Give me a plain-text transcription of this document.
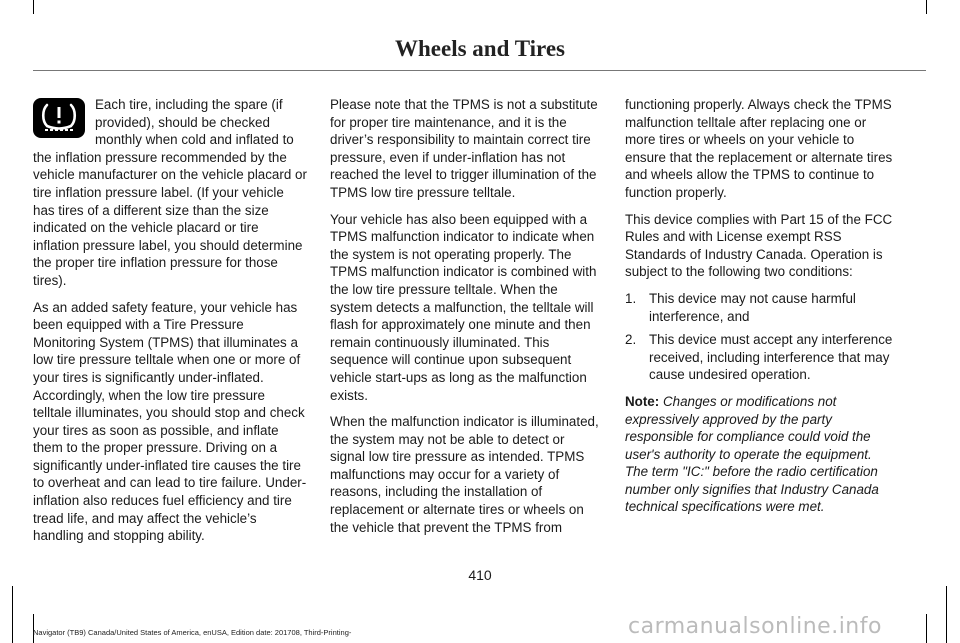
Wheels and Tires

Each tire, including the spare (if provided), should be checked monthly when cold and inflated to the inflation pressure recommended by the vehicle manufacturer on the vehicle placard or tire inflation pressure label. (If your vehicle has tires of a different size than the size indicated on the vehicle placard or tire inflation pressure label, you should determine the proper tire inflation pressure for those tires).

As an added safety feature, your vehicle has been equipped with a Tire Pressure Monitoring System (TPMS) that illuminates a low tire pressure telltale when one or more of your tires is significantly under-inflated. Accordingly, when the low tire pressure telltale illuminates, you should stop and check your tires as soon as possible, and inflate them to the proper pressure. Driving on a significantly under-inflated tire causes the tire to overheat and can lead to tire failure. Under-inflation also reduces fuel efficiency and tire tread life, and may affect the vehicle’s handling and stopping ability.

Please note that the TPMS is not a substitute for proper tire maintenance, and it is the driver’s responsibility to maintain correct tire pressure, even if under-inflation has not reached the level to trigger illumination of the TPMS low tire pressure telltale.

Your vehicle has also been equipped with a TPMS malfunction indicator to indicate when the system is not operating properly. The TPMS malfunction indicator is combined with the low tire pressure telltale. When the system detects a malfunction, the telltale will flash for approximately one minute and then remain continuously illuminated. This sequence will continue upon subsequent vehicle start-ups as long as the malfunction exists.

When the malfunction indicator is illuminated, the system may not be able to detect or signal low tire pressure as intended. TPMS malfunctions may occur for a variety of reasons, including the installation of replacement or alternate tires or wheels on the vehicle that prevent the TPMS from

functioning properly. Always check the TPMS malfunction telltale after replacing one or more tires or wheels on your vehicle to ensure that the replacement or alternate tires and wheels allow the TPMS to continue to function properly.

This device complies with Part 15 of the FCC Rules and with License exempt RSS Standards of Industry Canada. Operation is subject to the following two conditions:

1. This device may not cause harmful interference, and
2. This device must accept any interference received, including interference that may cause undesired operation.

Note: Changes or modifications not expressively approved by the party responsible for compliance could void the user's authority to operate the equipment. The term "IC:" before the radio certification number only signifies that Industry Canada technical specifications were met.

410
Navigator (TB9) Canada/United States of America, enUSA, Edition date: 201708, Third-Printing-	carmanualsonline.info
